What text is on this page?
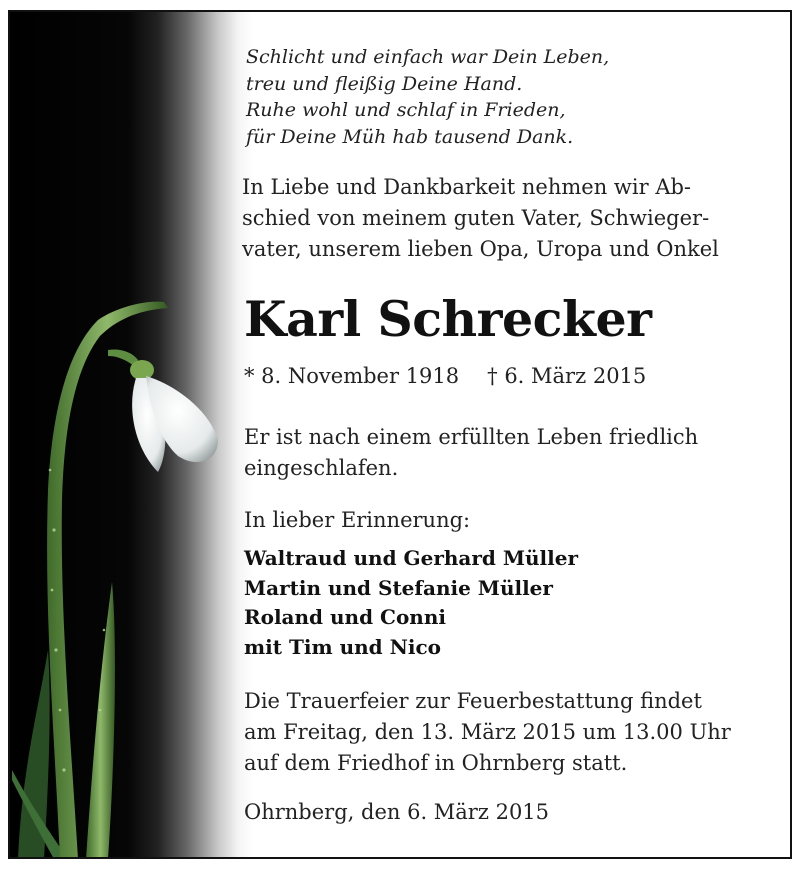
Schlicht und einfach war Dein Leben,
treu und fleißig Deine Hand.
Ruhe wohl und schlaf in Frieden,
für Deine Müh hab tausend Dank.
In Liebe und Dankbarkeit nehmen wir Ab-
schied von meinem guten Vater, Schwieger-
vater, unserem lieben Opa, Uropa und Onkel
Karl Schrecker
* 8. November 1918 † 6. März 2015
Er ist nach einem erfüllten Leben friedlich
eingeschlafen.
In lieber Erinnerung:
Waltraud und Gerhard Müller
Martin und Stefanie Müller
Roland und Conni
mit Tim und Nico
Die Trauerfeier zur Feuerbestattung findet
am Freitag, den 13. März 2015 um 13.00 Uhr
auf dem Friedhof in Ohrnberg statt.
Ohrnberg, den 6. März 2015
